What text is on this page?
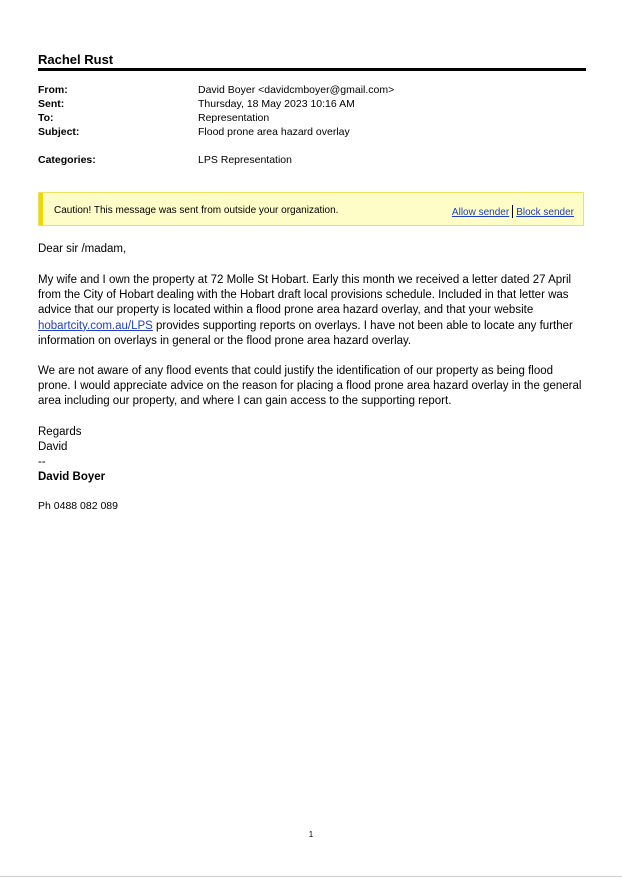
Rachel Rust
From:	David Boyer <davidcmboyer@gmail.com>
Sent:	Thursday, 18 May 2023 10:16 AM
To:	Representation
Subject:	Flood prone area hazard overlay
Categories:	LPS Representation
Caution! This message was sent from outside your organization.	Allow sender Block sender
Dear sir /madam,

My wife and I own the property at 72 Molle St Hobart. Early this month we received a letter dated 27 April from the City of Hobart dealing with the Hobart draft local provisions schedule. Included in that letter was advice that our property is located within a flood prone area hazard overlay, and that your website hobartcity.com.au/LPS provides supporting reports on overlays. I have not been able to locate any further information on overlays in general or the flood prone area hazard overlay.

We are not aware of any flood events that could justify the identification of our property as being flood prone. I would appreciate advice on the reason for placing a flood prone area hazard overlay in the general area including our property, and where I can gain access to the supporting report.
Regards
David
--
David Boyer
Ph 0488 082 089
1
